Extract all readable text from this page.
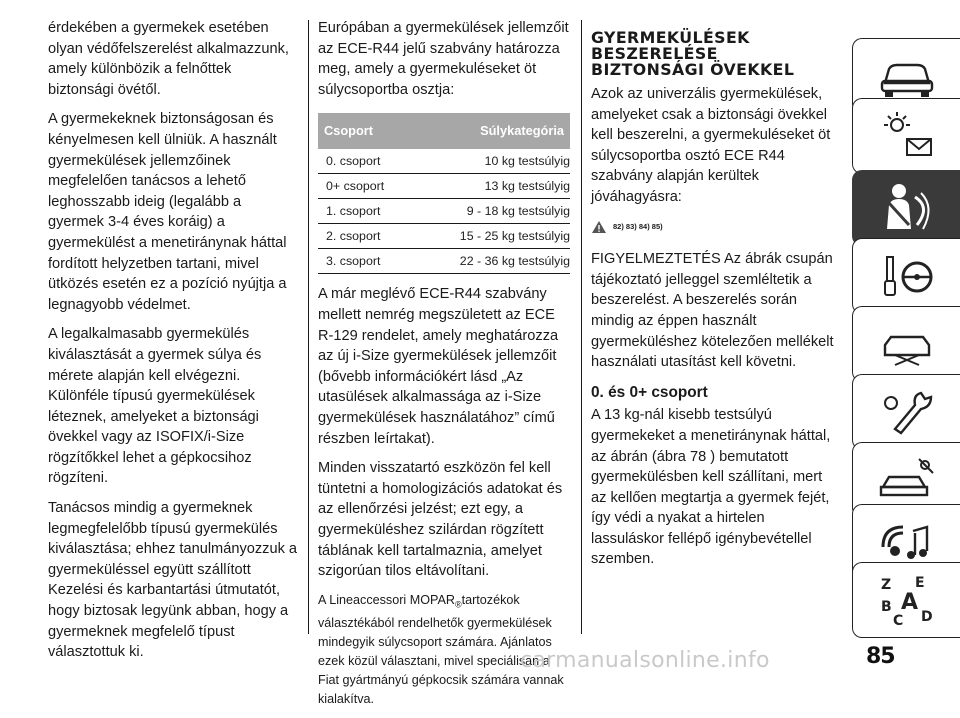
érdekében a gyermekek esetében olyan védőfelszerelést alkalmazzunk, amely különbözik a felnőttek biztonsági övétől.

A gyermekeknek biztonságosan és kényelmesen kell ülniük. A használt gyermekülések jellemzőinek megfelelően tanácsos a lehető leghosszabb ideig (legalább a gyermek 3-4 éves koráig) a gyermekülést a menetiránynak háttal fordított helyzetben tartani, mivel ütközés esetén ez a pozíció nyújtja a legnagyobb védelmet.

A legalkalmasabb gyermekülés kiválasztását a gyermek súlya és mérete alapján kell elvégezni. Különféle típusú gyermekülések léteznek, amelyeket a biztonsági övekkel vagy az ISOFIX/i-Size rögzítőkkel lehet a gépkocsihoz rögzíteni.

Tanácsos mindig a gyermeknek legmegfelelőbb típusú gyermekülés kiválasztása; ehhez tanulmányozzuk a gyermeküléssel együtt szállított Kezelési és karbantartási útmutatót, hogy biztosak legyünk abban, hogy a gyermeknek megfelelő típust választottuk ki.

Európában a gyermekülések jellemzőit az ECE-R44 jelű szabvány határozza meg, amely a gyermekuléseket öt súlycsoportba osztja:

Csoport	Súlykategória
0. csoport	10 kg testsúlyig
0+ csoport	13 kg testsúlyig
1. csoport	9 - 18 kg testsúlyig
2. csoport	15 - 25 kg testsúlyig
3. csoport	22 - 36 kg testsúlyig

A már meglévő ECE-R44 szabvány mellett nemrég megszületett az ECE R-129 rendelet, amely meghatározza az új i-Size gyermekülések jellemzőit (bővebb információkért lásd „Az utasülések alkalmassága az i-Size gyermekülések használatához” című részben leírtakat).

Minden visszatartó eszközön fel kell tüntetni a homologizációs adatokat és az ellenőrzési jelzést; ezt egy, a gyermeküléshez szilárdan rögzített táblának kell tartalmaznia, amelyet szigorúan tilos eltávolítani.

A Lineaccessori $MOPAR_®tartozékok$ választékából rendelhetők gyermekülések mindegyik súlycsoport számára. Ajánlatos ezek közül választani, mivel speciálisan a Fiat gyártmányú gépkocsik számára vannak kialakítva.

GYERMEKÜLÉSEK
BESZERELÉSE
BIZTONSÁGI ÖVEKKEL

Azok az univerzális gyermekülések, amelyeket csak a biztonsági övekkel kell beszerelni, a gyermekuléseket öt súlycsoportba osztó ECE R44 szabvány alapján kerültek jóváhagyásra:

82) 83) 84) 85)

FIGYELMEZTETÉS Az ábrák csupán tájékoztató jelleggel szemléltetik a beszerelést. A beszerelés során mindig az éppen használt gyermeküléshez kötelezően mellékelt használati utasítást kell követni.

0. és 0+ csoport

A 13 kg-nál kisebb testsúlyú gyermekeket a menetiránynak háttal, az ábrán (ábra 78 ) bemutatott gyermekülésben kell szállítani, mert az kellően megtartja a gyermek fejét, így védi a nyakat a hirtelen lassuláskor fellépő igénybevétellel szemben.

Z E
B A
C D
carmanualsonline.info	85
